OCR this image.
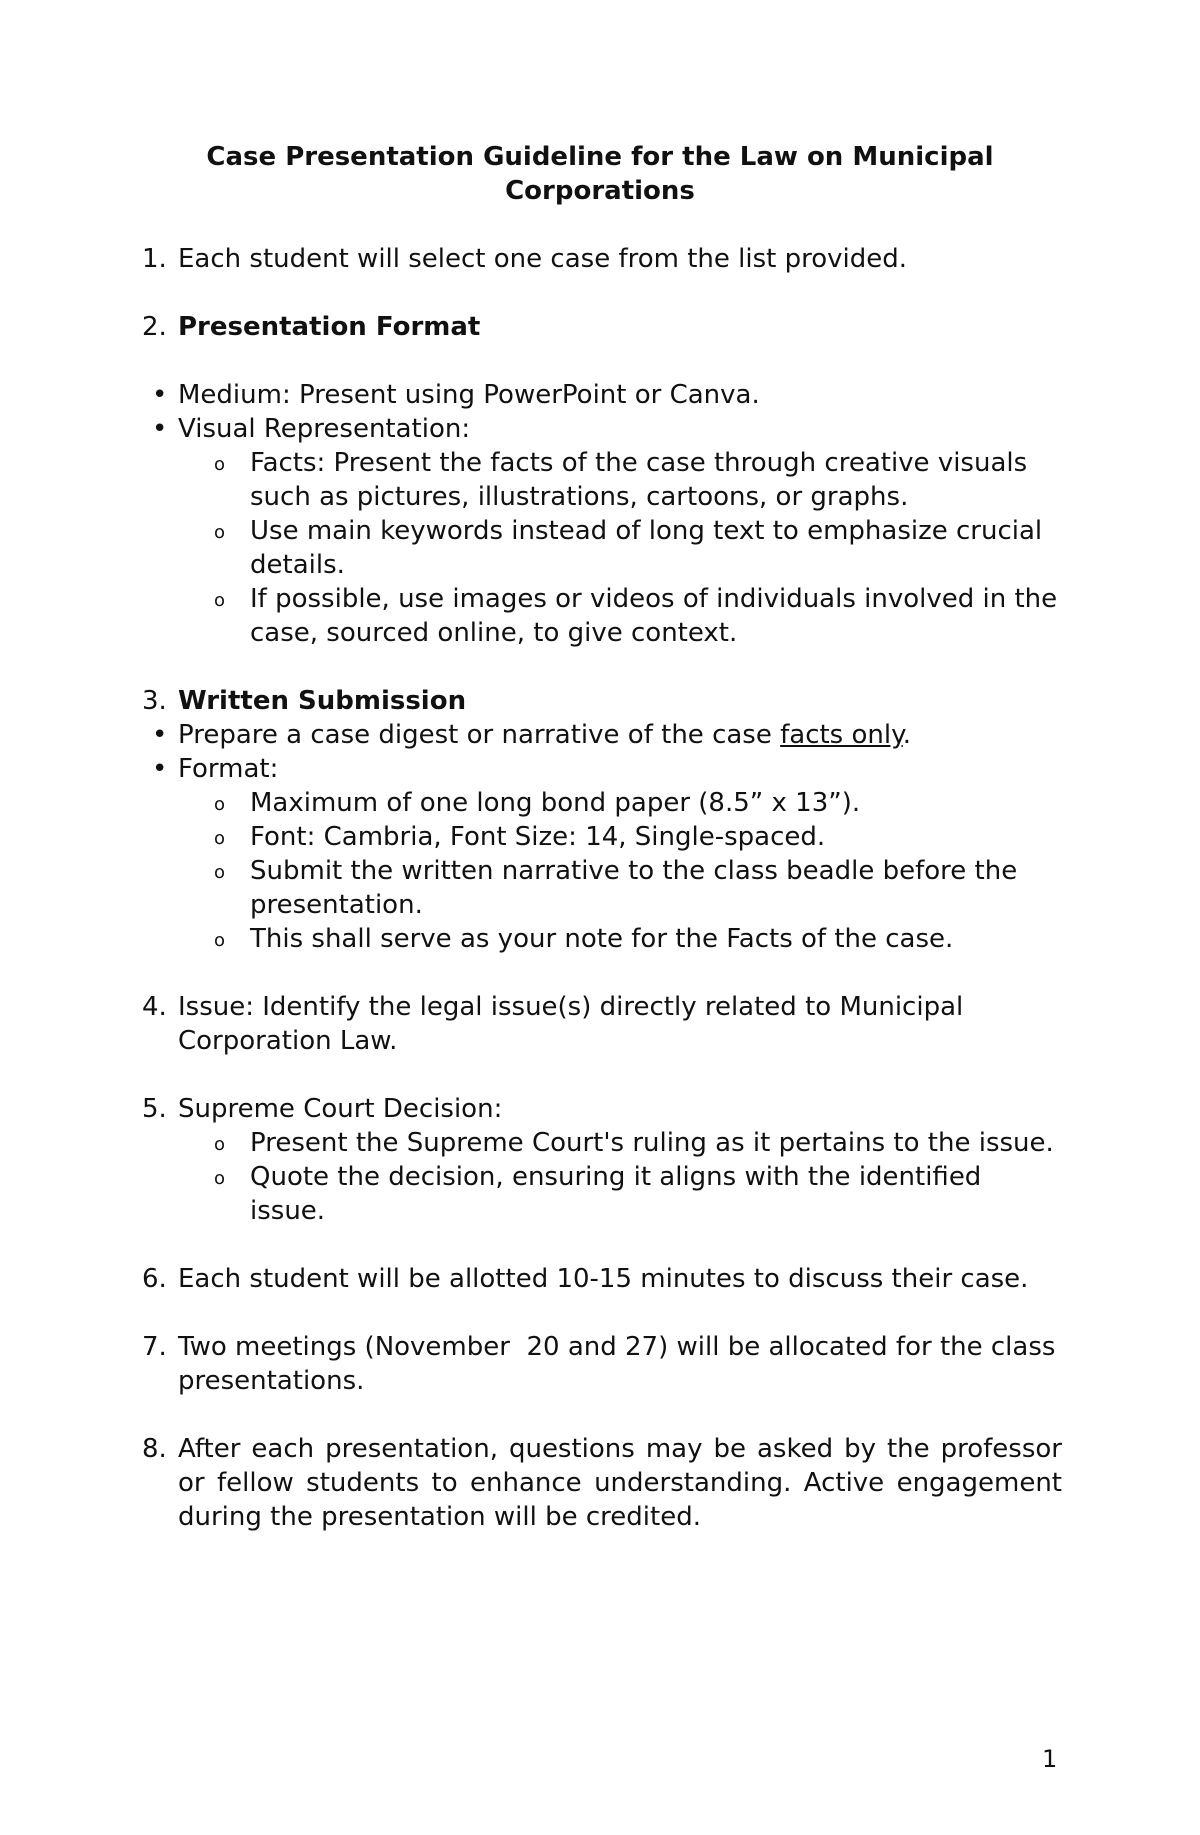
Case Presentation Guideline for the Law on Municipal
Corporations
1. Each student will select one case from the list provided.
2. Presentation Format
• Medium: Present using PowerPoint or Canva.
• Visual Representation:
o Facts: Present the facts of the case through creative visuals such as pictures, illustrations, cartoons, or graphs.
o Use main keywords instead of long text to emphasize crucial details.
o If possible, use images or videos of individuals involved in the case, sourced online, to give context.
3. Written Submission
• Prepare a case digest or narrative of the case facts only.
• Format:
o Maximum of one long bond paper (8.5” x 13”).
o Font: Cambria, Font Size: 14, Single-spaced.
o Submit the written narrative to the class beadle before the presentation.
o This shall serve as your note for the Facts of the case.
4. Issue: Identify the legal issue(s) directly related to Municipal Corporation Law.
5. Supreme Court Decision:
o Present the Supreme Court's ruling as it pertains to the issue.
o Quote the decision, ensuring it aligns with the identified issue.
6. Each student will be allotted 10-15 minutes to discuss their case.
7. Two meetings (November  20 and 27) will be allocated for the class presentations.
8. After each presentation, questions may be asked by the professor or fellow students to enhance understanding. Active engagement during the presentation will be credited.
1
